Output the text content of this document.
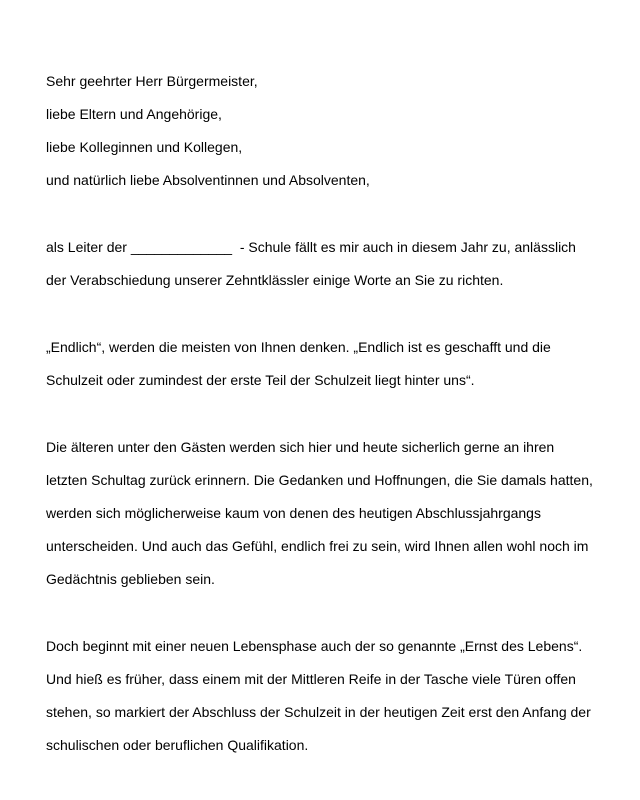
Sehr geehrter Herr Bürgermeister,
liebe Eltern und Angehörige,
liebe Kolleginnen und Kollegen,
und natürlich liebe Absolventinnen und Absolventen,
als Leiter der _____________  - Schule fällt es mir auch in diesem Jahr zu, anlässlich
der Verabschiedung unserer Zehntklässler einige Worte an Sie zu richten.
„Endlich“, werden die meisten von Ihnen denken. „Endlich ist es geschafft und die
Schulzeit oder zumindest der erste Teil der Schulzeit liegt hinter uns“.
Die älteren unter den Gästen werden sich hier und heute sicherlich gerne an ihren
letzten Schultag zurück erinnern. Die Gedanken und Hoffnungen, die Sie damals hatten,
werden sich möglicherweise kaum von denen des heutigen Abschlussjahrgangs
unterscheiden. Und auch das Gefühl, endlich frei zu sein, wird Ihnen allen wohl noch im
Gedächtnis geblieben sein.
Doch beginnt mit einer neuen Lebensphase auch der so genannte „Ernst des Lebens“.
Und hieß es früher, dass einem mit der Mittleren Reife in der Tasche viele Türen offen
stehen, so markiert der Abschluss der Schulzeit in der heutigen Zeit erst den Anfang der
schulischen oder beruflichen Qualifikation.
